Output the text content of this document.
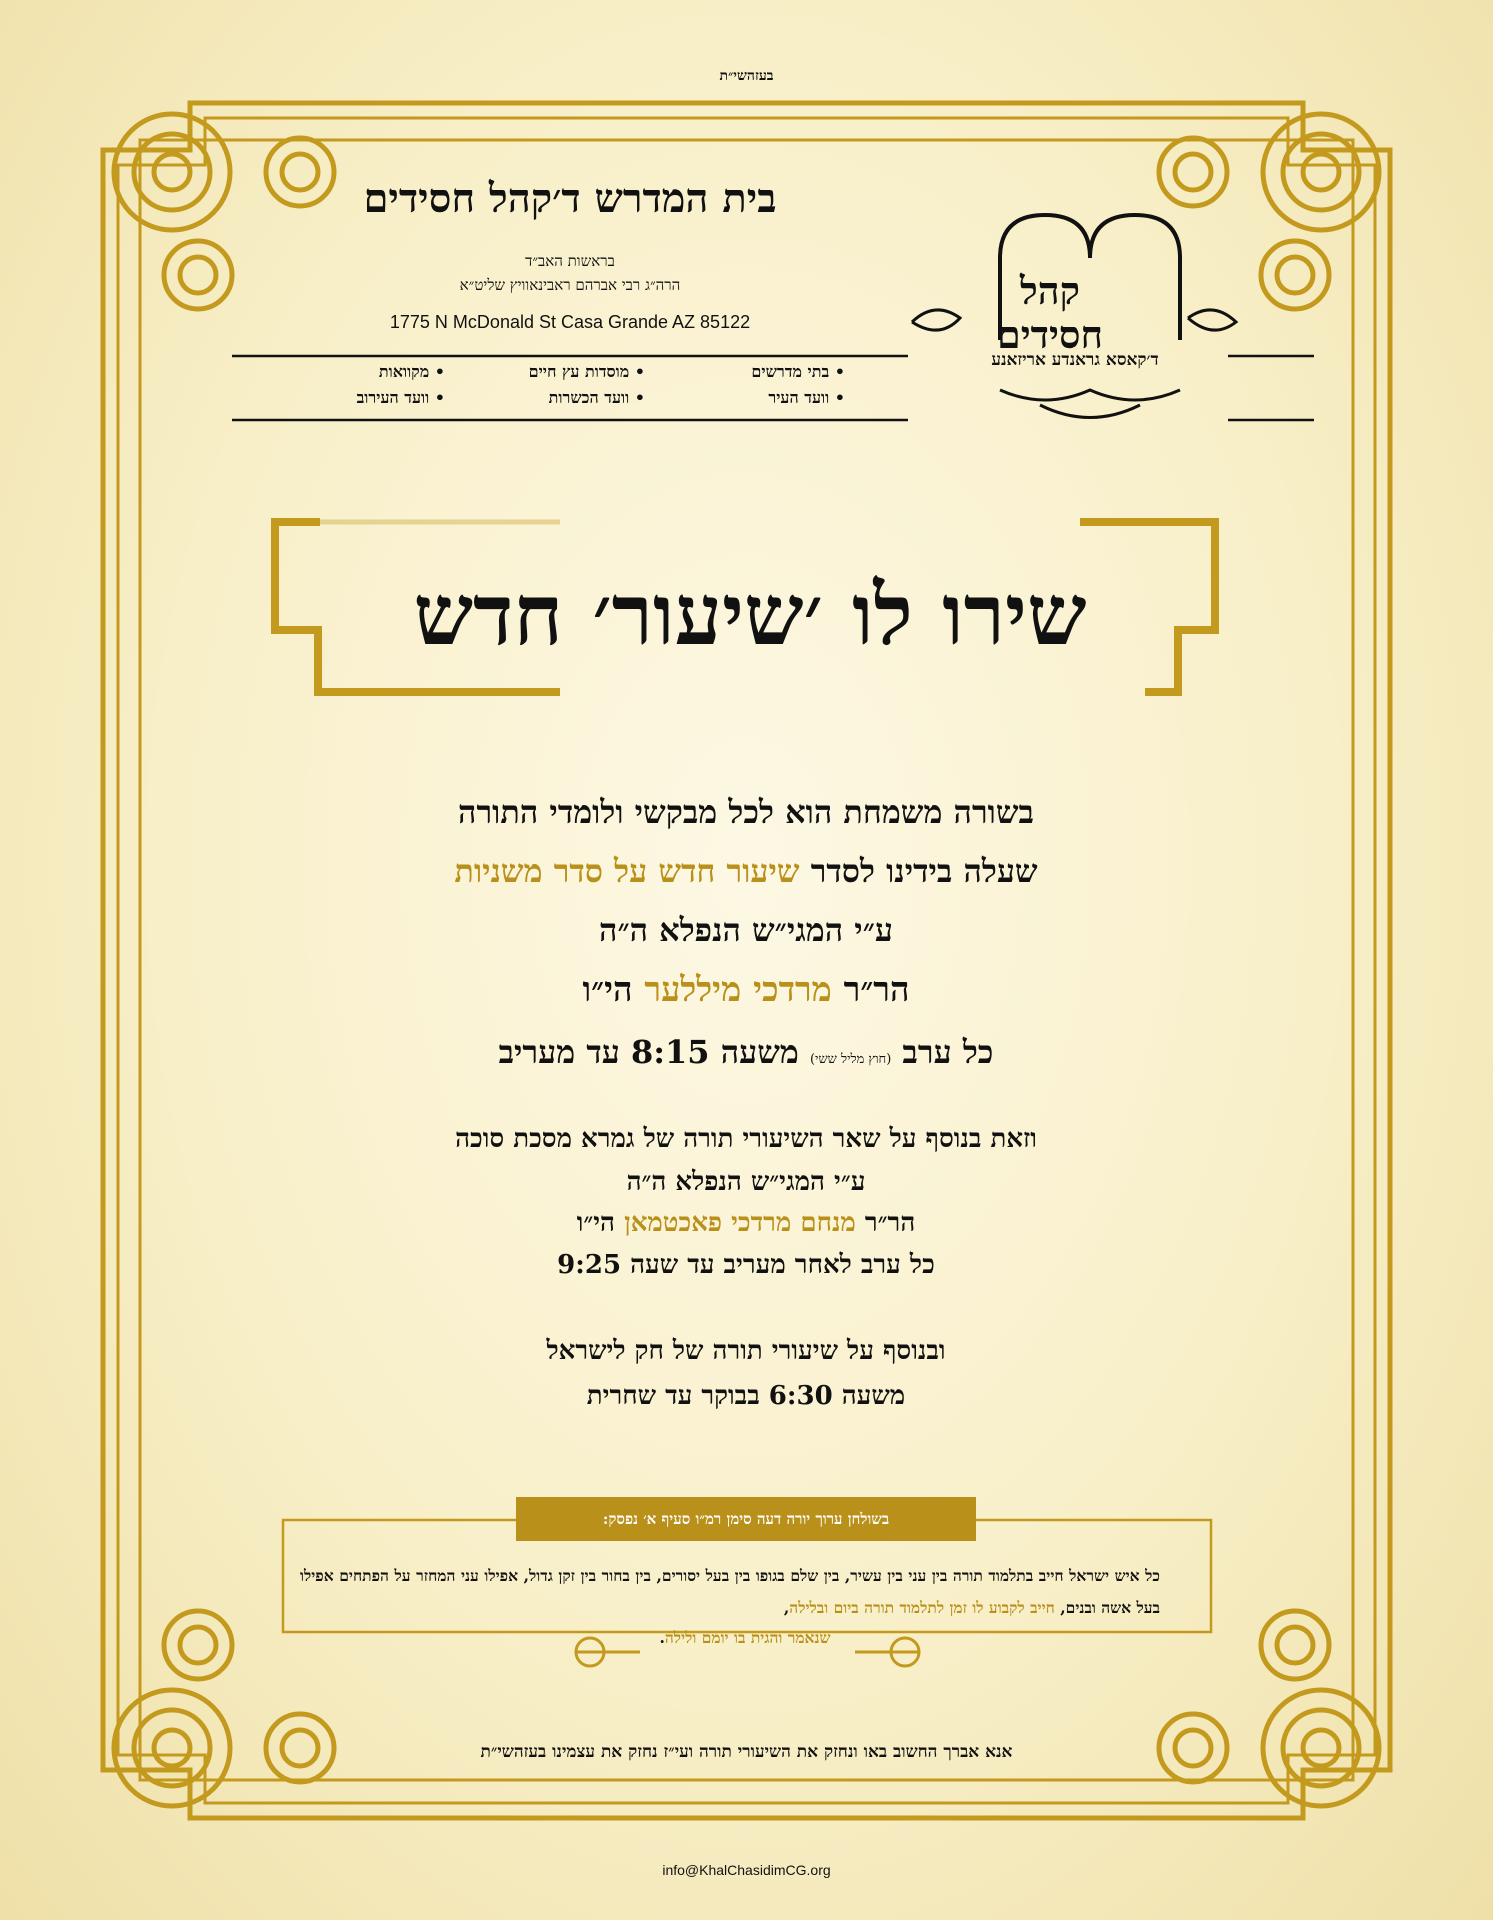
בעזהשי״ת
בית המדרש ד׳קהל חסידים
בראשות האב״ד
הרה״ג רבי אברהם ראבינאוויץ שליט״א
1775 N McDonald St Casa Grande AZ 85122
• בתי מדרשים
• מוסדות עץ חיים
• מקוואות
• וועד העיר
• וועד הכשרות
• וועד העירוב
קהל
חסידים
ד׳קאסא גראנדע אריזאנע
שירו לו ׳שיעור׳ חדש
בשורה משמחת הוא לכל מבקשי ולומדי התורה
שעלה בידינו לסדר שיעור חדש על סדר משניות
ע״י המגי״ש הנפלא ה״ה
הר״ר מרדכי מיללער הי״ו
כל ערב (חוץ מליל ששי) משעה 8:15 עד מעריב
וזאת בנוסף על שאר השיעורי תורה של גמרא מסכת סוכה
ע״י המגי״ש הנפלא ה״ה
הר״ר מנחם מרדכי פאכטמאן הי״ו
כל ערב לאחר מעריב עד שעה 9:25
ובנוסף על שיעורי תורה של חק לישראל
משעה 6:30 בבוקר עד שחרית
בשולחן ערוך יורה דעה סימן רמ״ו סעיף א׳ נפסק:
כל איש ישראל חייב בתלמוד תורה בין עני בין עשיר, בין שלם בגופו בין בעל יסורים, בין בחור בין זקן גדול, אפילו עני המחזר על הפתחים אפילו בעל אשה ובנים, חייב לקבוע לו זמן לתלמוד תורה ביום ובלילה,
שנאמר והגית בו יומם ולילה.
אנא אברך החשוב באו ונחזק את השיעורי תורה ועי״ז נחזק את עצמינו בעזהשי״ת
info@KhalChasidimCG.org
